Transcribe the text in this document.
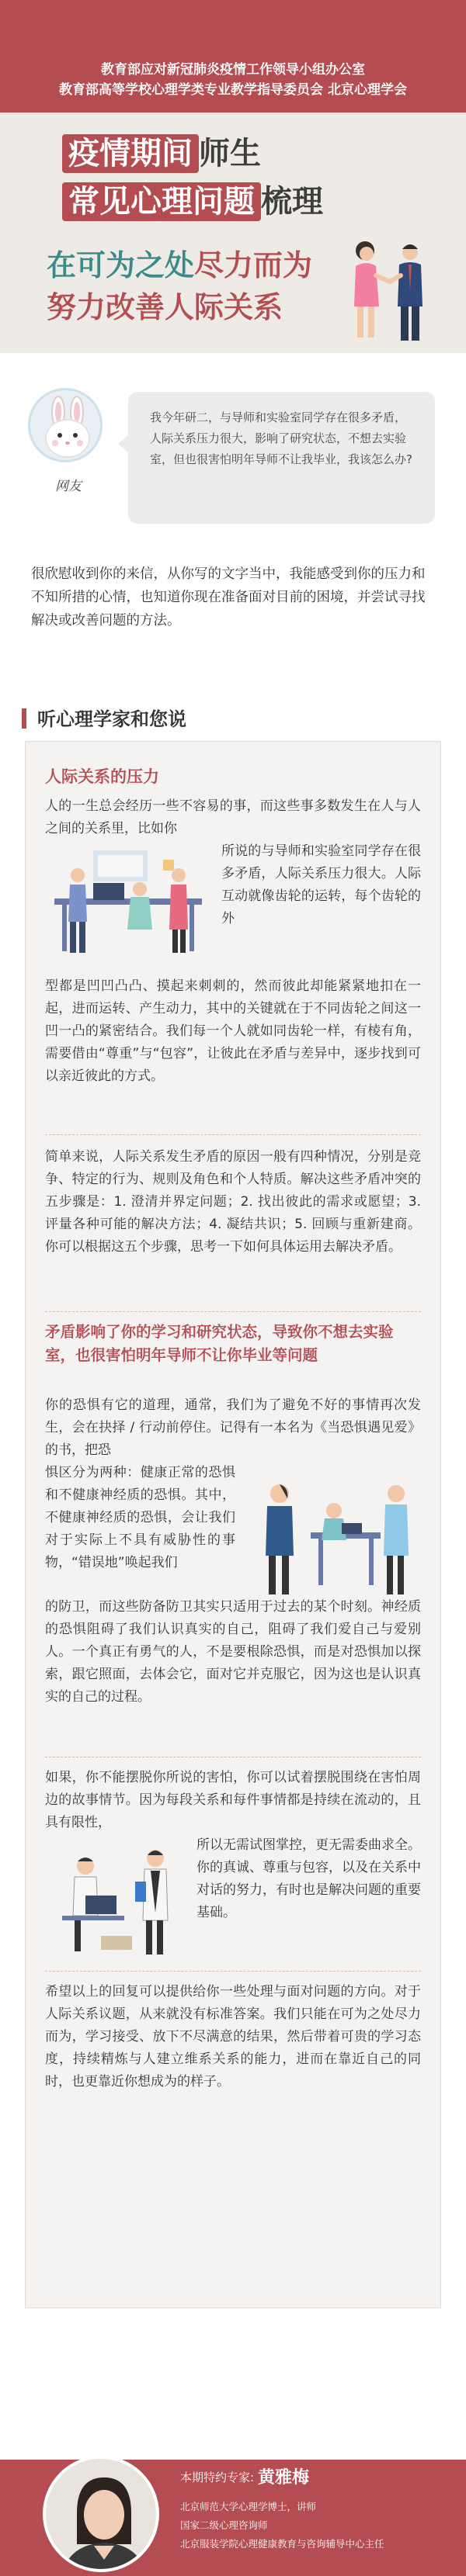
教育部应对新冠肺炎疫情工作领导小组办公室
教育部高等学校心理学类专业教学指导委员会 北京心理学会
疫情期间 师生
常见心理问题 梳理
在可为之处尽力而为
努力改善人际关系
网友
我今年研二，与导师和实验室同学存在很多矛盾，人际关系压力很大，影响了研究状态，不想去实验室，但也很害怕明年导师不让我毕业，我该怎么办?
很欣慰收到你的来信，从你写的文字当中，我能感受到你的压力和不知所措的心情，也知道你现在准备面对目前的困境，并尝试寻找解决或改善问题的方法。
听心理学家和您说
人际关系的压力
人的一生总会经历一些不容易的事，而这些事多数发生在人与人之间的关系里，比如你
所说的与导师和实验室同学存在很多矛盾，人际关系压力很大。人际互动就像齿轮的运转，每个齿轮的外
型都是凹凹凸凸、摸起来刺刺的，然而彼此却能紧紧地扣在一起，进而运转、产生动力，其中的关键就在于不同齿轮之间这一凹一凸的紧密结合。我们每一个人就如同齿轮一样，有棱有角，需要借由“尊重”与“包容”，让彼此在矛盾与差异中，逐步找到可以亲近彼此的方式。
简单来说，人际关系发生矛盾的原因一般有四种情况，分别是竞争、特定的行为、规则及角色和个人特质。解决这些矛盾冲突的五步骤是：1. 澄清并界定问题；2. 找出彼此的需求或愿望；3. 评量各种可能的解决方法；4. 凝结共识；5. 回顾与重新建商。你可以根据这五个步骤，思考一下如何具体运用去解决矛盾。
矛盾影响了你的学习和研究状态，导致你不想去实验室，也很害怕明年导师不让你毕业等问题
你的恐惧有它的道理，通常，我们为了避免不好的事情再次发生，会在抉择 / 行动前停住。记得有一本名为《当恐惧遇见爱》的书，把恐
惧区分为两种：健康正常的恐惧和不健康神经质的恐惧。其中，不健康神经质的恐惧，会让我们对于实际上不具有威胁性的事物，“错误地”唤起我们
的防卫，而这些防备防卫其实只适用于过去的某个时刻。神经质的恐惧阻碍了我们认识真实的自己，阻碍了我们爱自己与爱别人。一个真正有勇气的人，不是要根除恐惧，而是对恐惧加以探索，跟它照面，去体会它，面对它并克服它，因为这也是认识真实的自己的过程。
如果，你不能摆脱你所说的害怕，你可以试着摆脱围绕在害怕周边的故事情节。因为每段关系和每件事情都是持续在流动的，且具有限性，
所以无需试图掌控，更无需委曲求全。你的真诚、尊重与包容，以及在关系中对话的努力，有时也是解决问题的重要基础。
希望以上的回复可以提供给你一些处理与面对问题的方向。对于人际关系议题，从来就没有标准答案。我们只能在可为之处尽力而为，学习接受、放下不尽满意的结果，然后带着可贵的学习态度，持续精炼与人建立维系关系的能力，进而在靠近自己的同时，也更靠近你想成为的样子。
本期特约专家: 黄雅梅
北京师范大学心理学博士，讲师
国家二级心理咨询师
北京服装学院心理健康教育与咨询辅导中心主任
